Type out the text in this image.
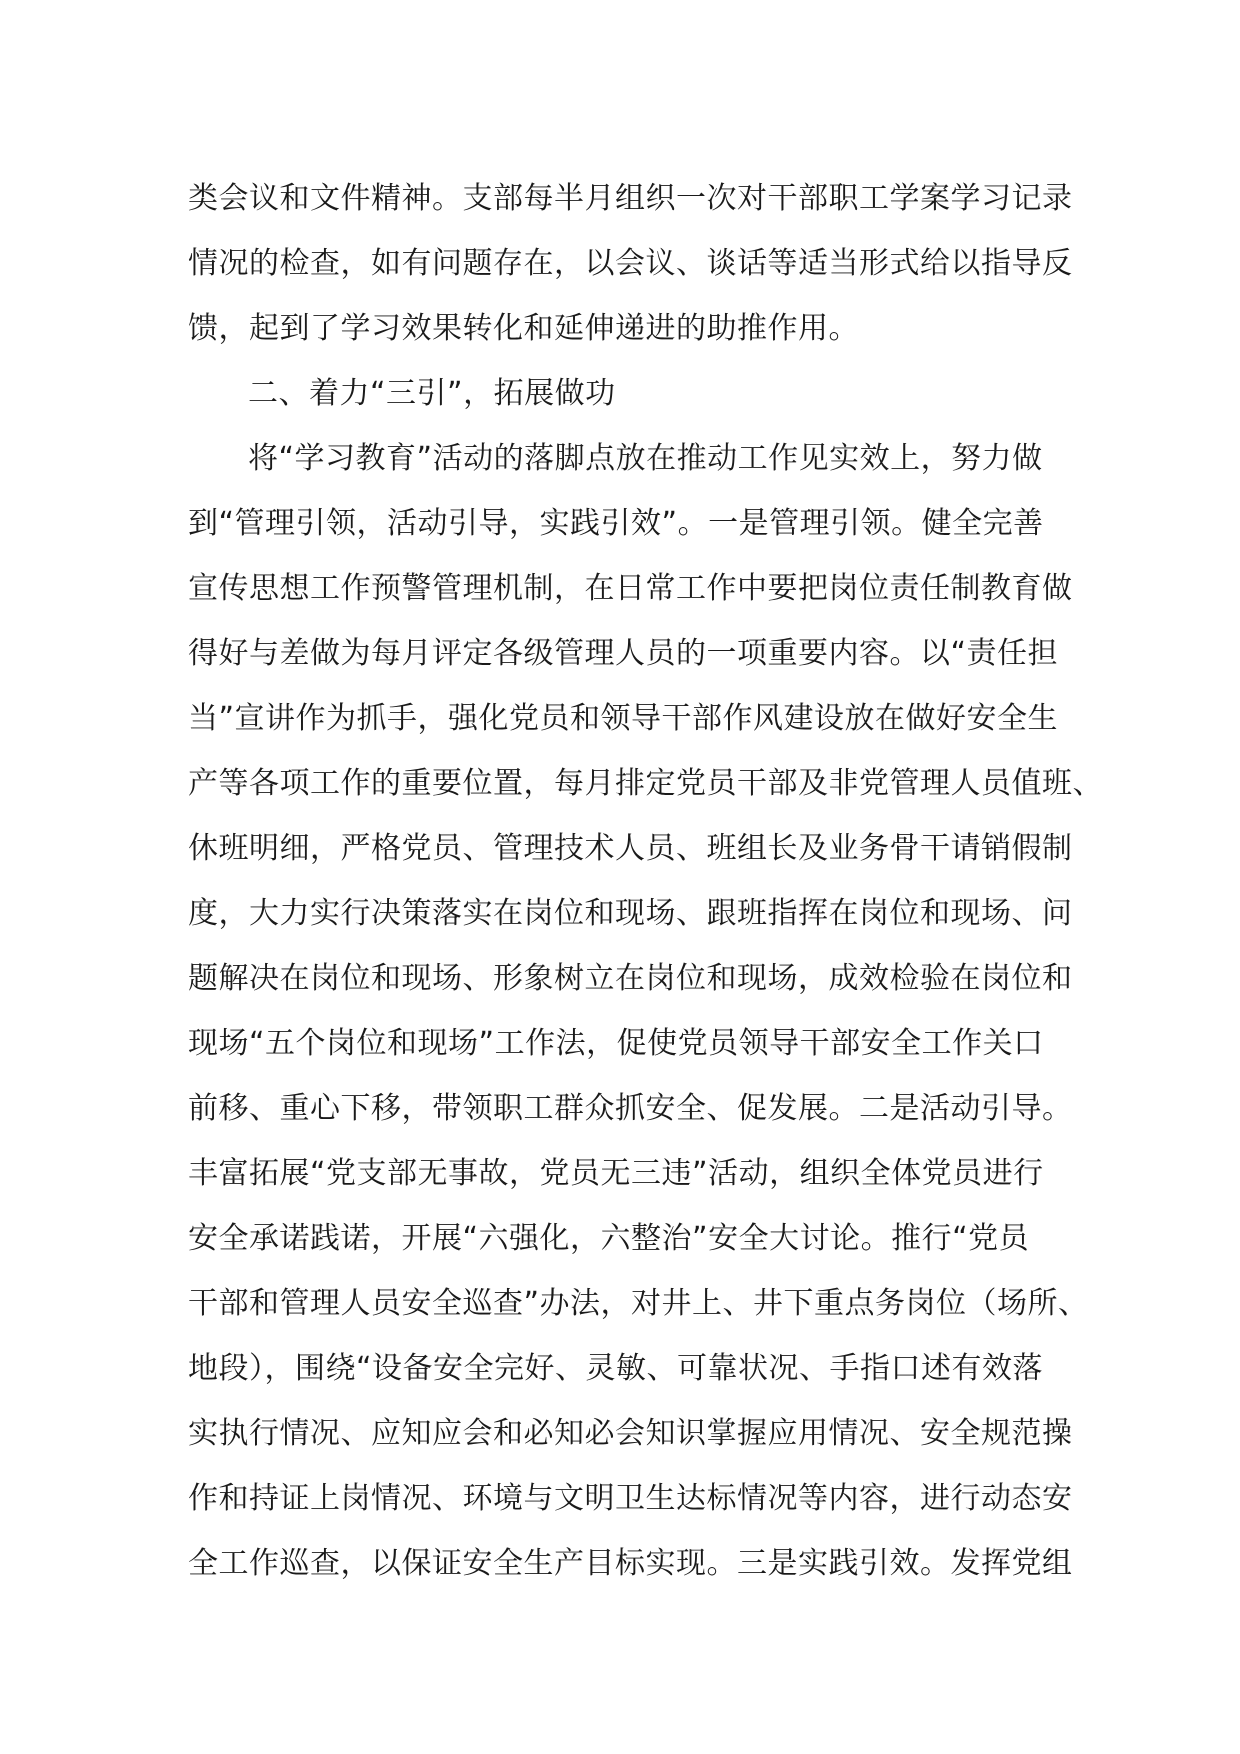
类会议和文件精神。支部每半月组织一次对干部职工学案学习记录
情况的检查，如有问题存在，以会议、谈话等适当形式给以指导反
馈，起到了学习效果转化和延伸递进的助推作用。
二、着力“三引”，拓展做功
将“学习教育”活动的落脚点放在推动工作见实效上，努力做
到“管理引领，活动引导，实践引效”。一是管理引领。健全完善
宣传思想工作预警管理机制，在日常工作中要把岗位责任制教育做
得好与差做为每月评定各级管理人员的一项重要内容。以“责任担
当”宣讲作为抓手，强化党员和领导干部作风建设放在做好安全生
产等各项工作的重要位置，每月排定党员干部及非党管理人员值班、
休班明细，严格党员、管理技术人员、班组长及业务骨干请销假制
度，大力实行决策落实在岗位和现场、跟班指挥在岗位和现场、问
题解决在岗位和现场、形象树立在岗位和现场，成效检验在岗位和
现场“五个岗位和现场”工作法，促使党员领导干部安全工作关口
前移、重心下移，带领职工群众抓安全、促发展。二是活动引导。
丰富拓展“党支部无事故，党员无三违”活动，组织全体党员进行
安全承诺践诺，开展“六强化，六整治”安全大讨论。推行“党员
干部和管理人员安全巡查”办法，对井上、井下重点务岗位（场所、
地段），围绕“设备安全完好、灵敏、可靠状况、手指口述有效落
实执行情况、应知应会和必知必会知识掌握应用情况、安全规范操
作和持证上岗情况、环境与文明卫生达标情况等内容，进行动态安
全工作巡查，以保证安全生产目标实现。三是实践引效。发挥党组
